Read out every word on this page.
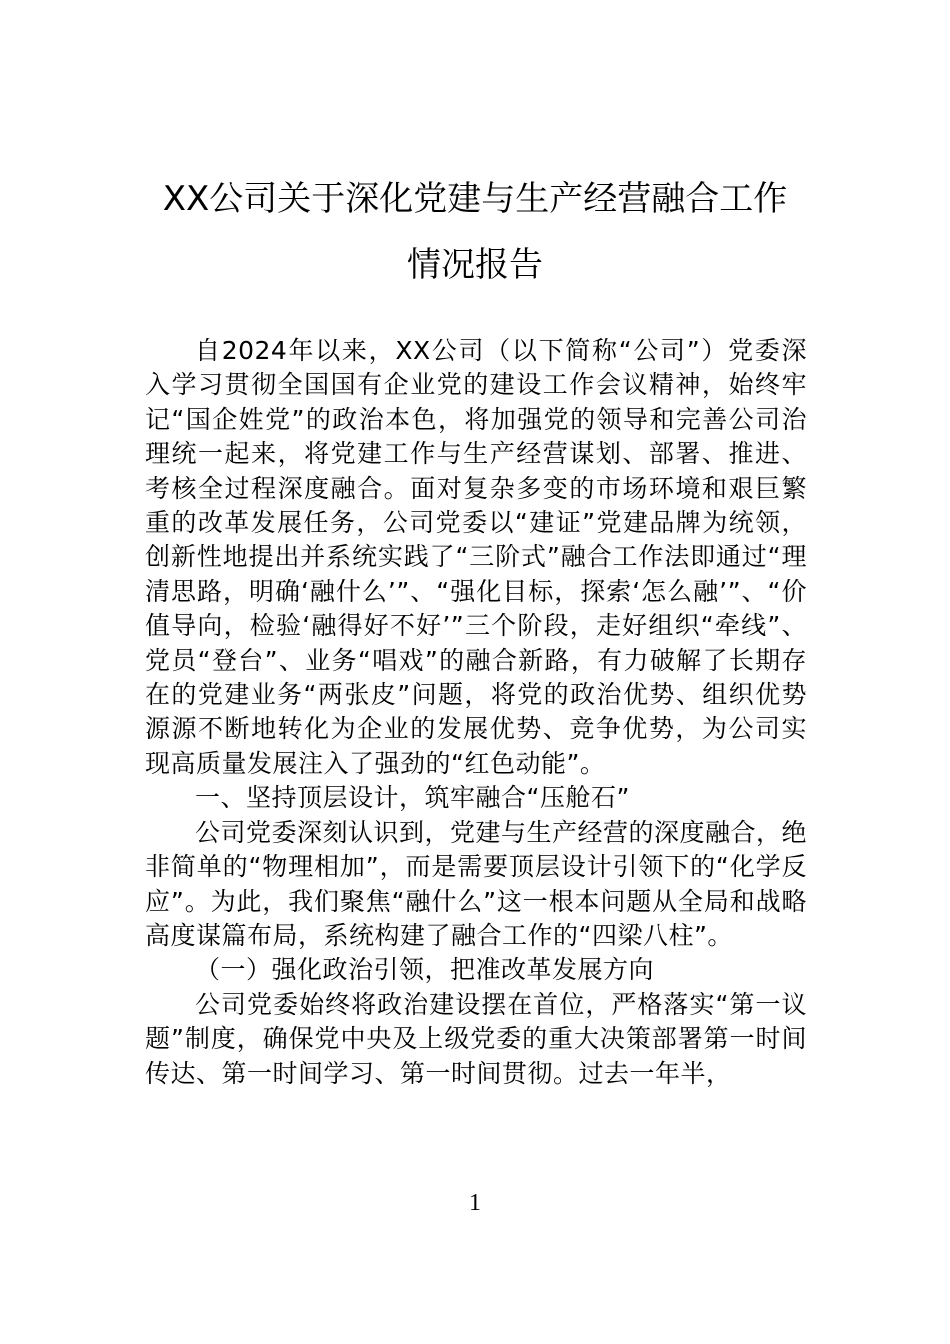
XX公司关于深化党建与生产经营融合工作
情况报告

自2024年以来，XX公司（以下简称“公司”）党委深入学习贯彻全国国有企业党的建设工作会议精神，始终牢记“国企姓党”的政治本色，将加强党的领导和完善公司治理统一起来，将党建工作与生产经营谋划、部署、推进、考核全过程深度融合。面对复杂多变的市场环境和艰巨繁重的改革发展任务，公司党委以“建证”党建品牌为统领，创新性地提出并系统实践了“三阶式”融合工作法即通过“理清思路，明确‘融什么’”、“强化目标，探索‘怎么融’”、“价值导向，检验‘融得好不好’”三个阶段，走好组织“牵线”、党员“登台”、业务“唱戏”的融合新路，有力破解了长期存在的党建业务“两张皮”问题，将党的政治优势、组织优势源源不断地转化为企业的发展优势、竞争优势，为公司实现高质量发展注入了强劲的“红色动能”。

一、坚持顶层设计，筑牢融合“压舱石”

公司党委深刻认识到，党建与生产经营的深度融合，绝非简单的“物理相加”，而是需要顶层设计引领下的“化学反应”。为此，我们聚焦“融什么”这一根本问题从全局和战略高度谋篇布局，系统构建了融合工作的“四梁八柱”。

（一）强化政治引领，把准改革发展方向

公司党委始终将政治建设摆在首位，严格落实“第一议题”制度，确保党中央及上级党委的重大决策部署第一时间传达、第一时间学习、第一时间贯彻。过去一年半，

1
